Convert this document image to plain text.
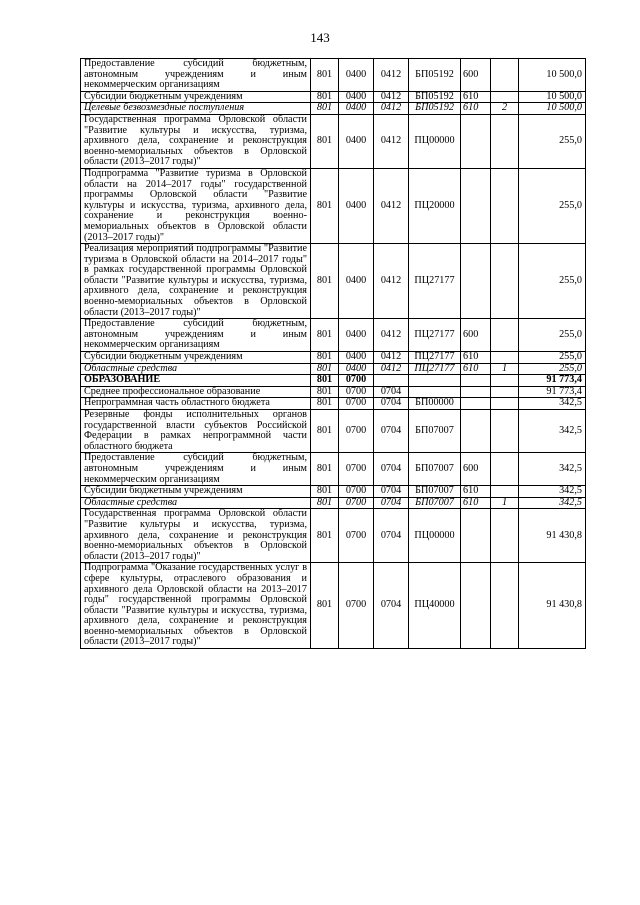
143
Предоставление субсидий бюджетным, автономным учреждениям и иным некоммерческим организациям	801	0400	0412	БП05192	600		10 500,0
Субсидии бюджетным учреждениям	801	0400	0412	БП05192	610		10 500,0
Целевые безвозмездные поступления	801	0400	0412	БП05192	610	2	10 500,0
Государственная программа Орловской области "Развитие культуры и искусства, туризма, архивного дела, сохранение и реконструкция военно-мемориальных объектов в Орловской области (2013–2017 годы)"	801	0400	0412	ПЦ00000			255,0
Подпрограмма "Развитие туризма в Орловской области на 2014–2017 годы" государственной программы Орловской области "Развитие культуры и искусства, туризма, архивного дела, сохранение и реконструкция военно-мемориальных объектов в Орловской области (2013–2017 годы)"	801	0400	0412	ПЦ20000			255,0
Реализация мероприятий подпрограммы "Развитие туризма в Орловской области на 2014–2017 годы" в рамках государственной программы Орловской области "Развитие культуры и искусства, туризма, архивного дела, сохранение и реконструкция военно-мемориальных объектов в Орловской области (2013–2017 годы)"	801	0400	0412	ПЦ27177			255,0
Предоставление субсидий бюджетным, автономным учреждениям и иным некоммерческим организациям	801	0400	0412	ПЦ27177	600		255,0
Субсидии бюджетным учреждениям	801	0400	0412	ПЦ27177	610		255,0
Областные средства	801	0400	0412	ПЦ27177	610	1	255,0
ОБРАЗОВАНИЕ	801	0700					91 773,4
Среднее профессиональное образование	801	0700	0704				91 773,4
Непрограммная часть областного бюджета	801	0700	0704	БП00000			342,5
Резервные фонды исполнительных органов государственной власти субъектов Российской Федерации в рамках непрограммной части областного бюджета	801	0700	0704	БП07007			342,5
Предоставление субсидий бюджетным, автономным учреждениям и иным некоммерческим организациям	801	0700	0704	БП07007	600		342,5
Субсидии бюджетным учреждениям	801	0700	0704	БП07007	610		342,5
Областные средства	801	0700	0704	БП07007	610	1	342,5
Государственная программа Орловской области "Развитие культуры и искусства, туризма, архивного дела, сохранение и реконструкция военно-мемориальных объектов в Орловской области (2013–2017 годы)"	801	0700	0704	ПЦ00000			91 430,8
Подпрограмма "Оказание государственных услуг в сфере культуры, отраслевого образования и архивного дела Орловской области на 2013–2017 годы" государственной программы Орловской области "Развитие культуры и искусства, туризма, архивного дела, сохранение и реконструкция военно-мемориальных объектов в Орловской области (2013–2017 годы)"	801	0700	0704	ПЦ40000			91 430,8
